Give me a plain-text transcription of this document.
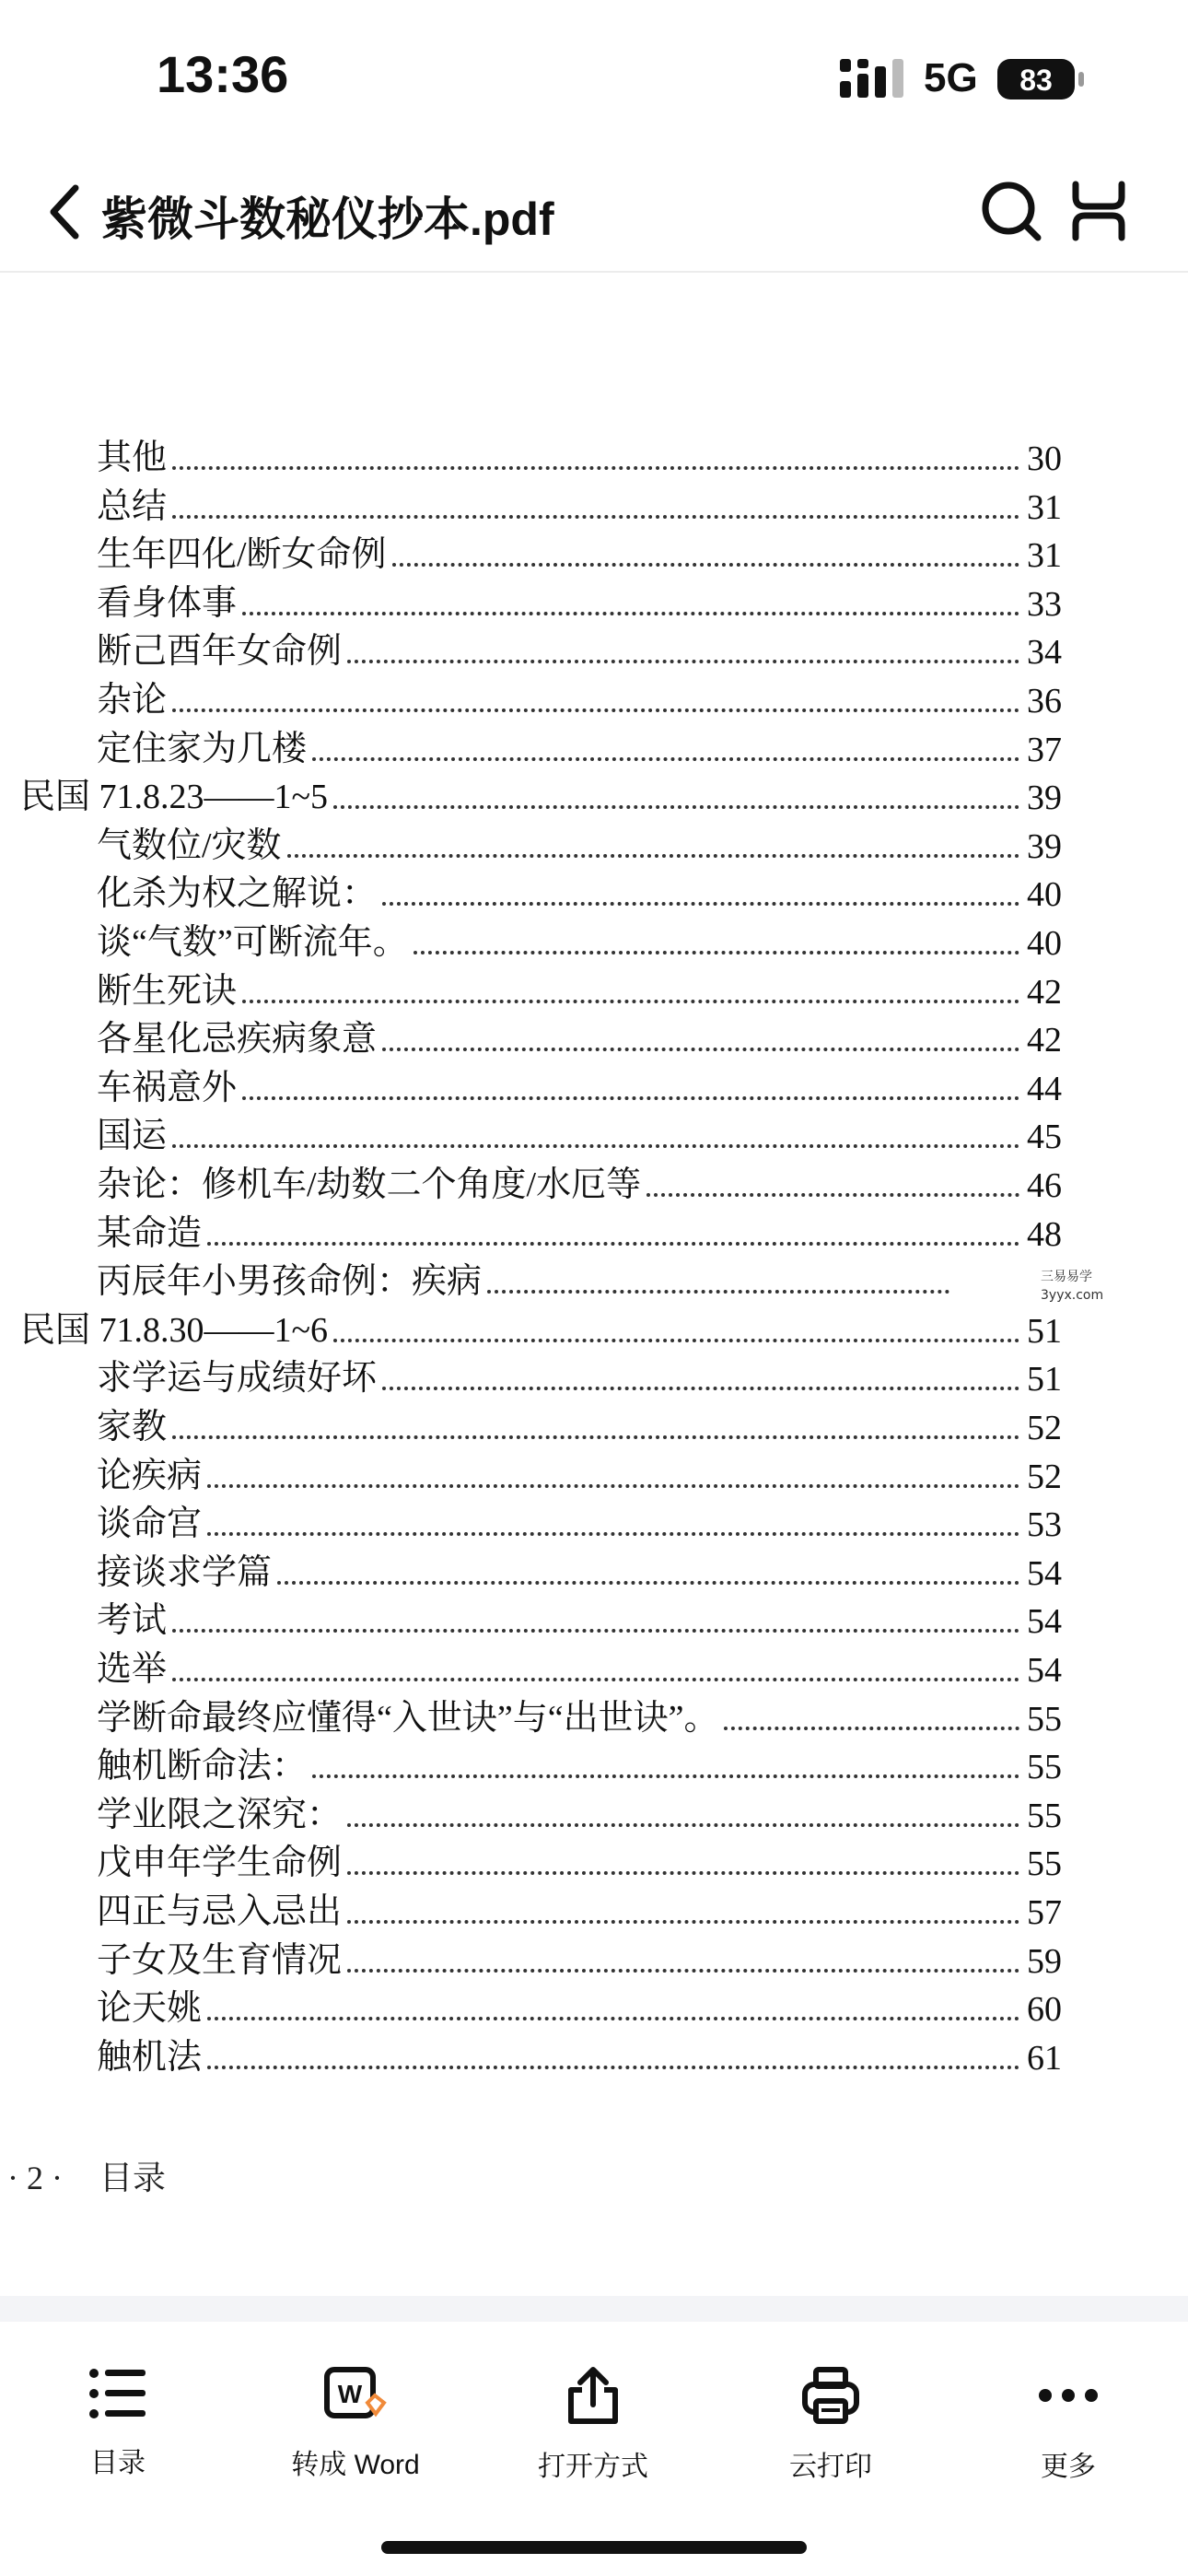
13:36	5G 83
紫微斗数秘仪抄本.pdf
其他	30
总结	31
生年四化/断女命例	31
看身体事	33
断己酉年女命例	34
杂论	36
定住家为几楼	37
民国 71.8.23——1~5	39
气数位/灾数	39
化杀为权之解说：	40
谈“气数”可断流年。	40
断生死诀	42
各星化忌疾病象意	42
车祸意外	44
国运	45
杂论：修机车/劫数二个角度/水厄等	46
某命造	48
丙辰年小男孩命例：疾病
民国 71.8.30——1~6	51
求学运与成绩好坏	51
家教	52
论疾病	52
谈命宫	53
接谈求学篇	54
考试	54
选举	54
学断命最终应懂得“入世诀”与“出世诀”。	55
触机断命法：	55
学业限之深究：	55
戊申年学生命例	55
四正与忌入忌出	57
子女及生育情况	59
论天姚	60
触机法	61
三易易学
3yyx.com
· 2 · 目录
目录
W
转成 Word	打开方式	云打印	更多
